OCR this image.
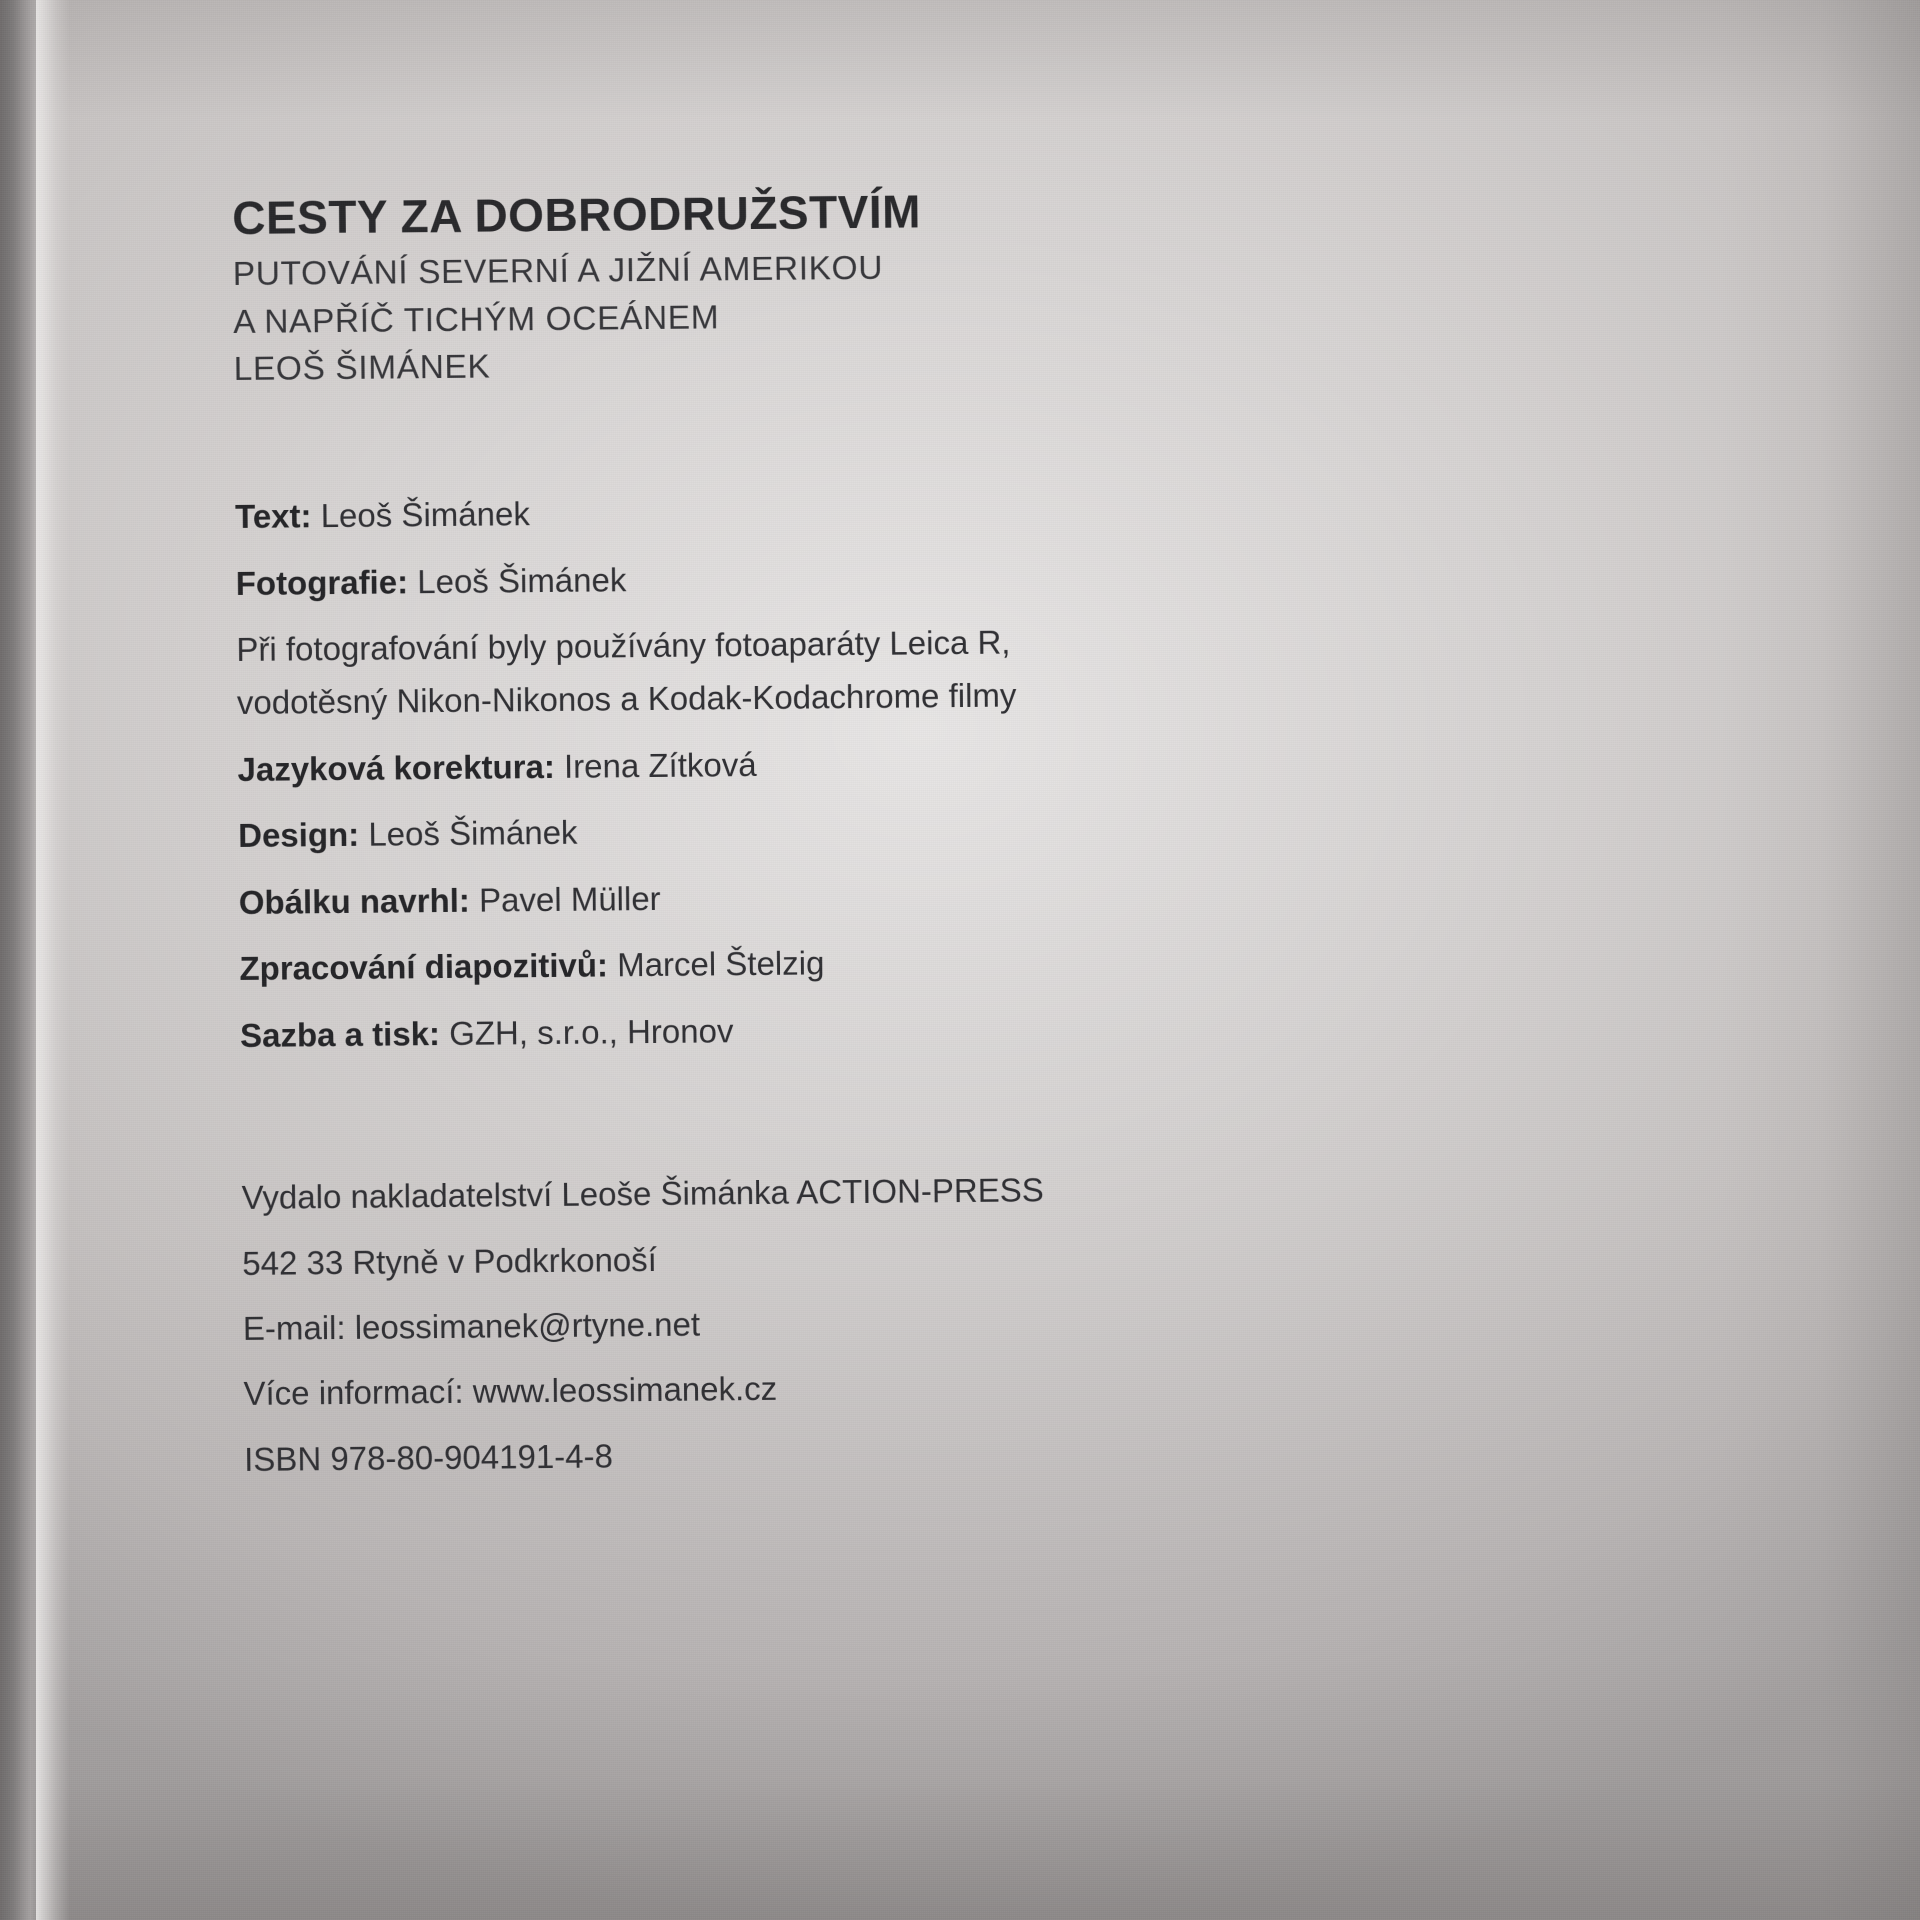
CESTY ZA DOBRODRUŽSTVÍM

PUTOVÁNÍ SEVERNÍ A JIŽNÍ AMERIKOU

A NAPŘÍČ TICHÝM OCEÁNEM

LEOŠ ŠIMÁNEK

Text: Leoš Šimánek

Fotografie: Leoš Šimánek

Při fotografování byly používány fotoaparáty Leica R,
vodotěsný Nikon-Nikonos a Kodak-Kodachrome filmy

Jazyková korektura: Irena Zítková

Design: Leoš Šimánek

Obálku navrhl: Pavel Müller

Zpracování diapozitivů: Marcel Štelzig

Sazba a tisk: GZH, s.r.o., Hronov

Vydalo nakladatelství Leoše Šimánka ACTION-PRESS

542 33 Rtyně v Podkrkonoší

E-mail: leossimanek@rtyne.net

Více informací: www.leossimanek.cz

ISBN 978-80-904191-4-8
